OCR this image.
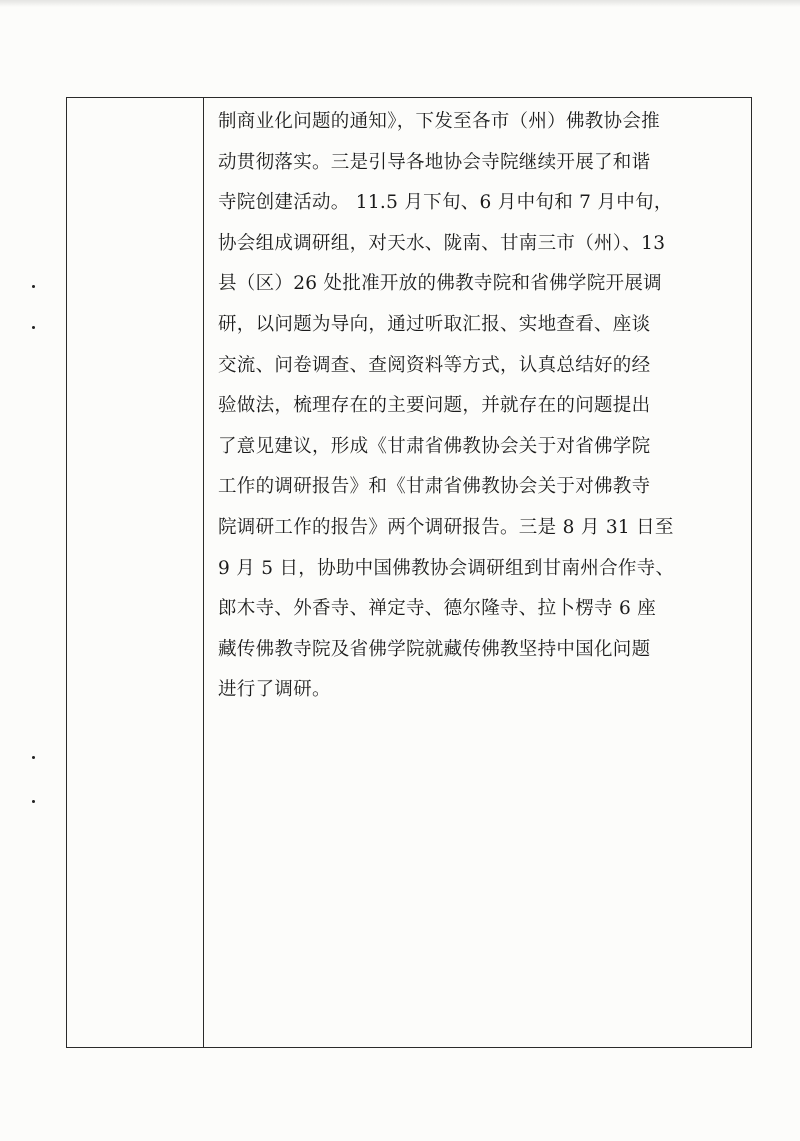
制商业化问题的通知》，下发至各市（州）佛教协会推
动贯彻落实。三是引导各地协会寺院继续开展了和谐
寺院创建活动。 11.5 月下旬、6 月中旬和 7 月中旬，
协会组成调研组，对天水、陇南、甘南三市（州）、13
县（区）26 处批准开放的佛教寺院和省佛学院开展调
研，以问题为导向，通过听取汇报、实地查看、座谈
交流、问卷调查、查阅资料等方式，认真总结好的经
验做法，梳理存在的主要问题，并就存在的问题提出
了意见建议，形成《甘肃省佛教协会关于对省佛学院
工作的调研报告》和《甘肃省佛教协会关于对佛教寺
院调研工作的报告》两个调研报告。三是 8 月 31 日至
9 月 5 日，协助中国佛教协会调研组到甘南州合作寺、
郎木寺、外香寺、禅定寺、德尔隆寺、拉卜楞寺 6 座
藏传佛教寺院及省佛学院就藏传佛教坚持中国化问题
进行了调研。
